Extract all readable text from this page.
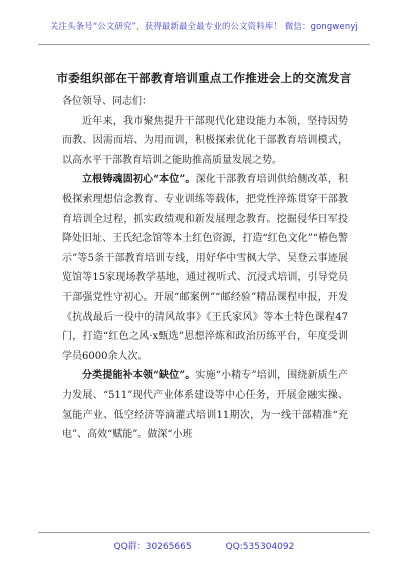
关注头条号“公文研究”，获得最新最全最专业的公文资料库！ 微信：gongwenyj
市委组织部在干部教育培训重点工作推进会上的交流发言

各位领导、同志们：

近年来，我市聚焦提升干部现代化建设能力本领，坚持因势而教、因需而培、为用而训，积极探索优化干部教育培训模式，以高水平干部教育培训之能助推高质量发展之势。

立根铸魂固初心“本位”。深化干部教育培训供给侧改革，积极探索理想信念教育、专业训练等载体，把党性淬炼贯穿干部教育培训全过程，抓实政绩观和新发展理念教育。挖掘侵华日军投降处旧址、王氏纪念馆等本土红色资源，打造“红色文化”“椿色警示”等5条干部教育培训专线，用好华中雪枫大学、吴登云事迹展览馆等15家现场教学基地，通过视听式、沉浸式培训，引导党员干部强党性守初心。开展“邮案例”“邮经验”精品课程申报，开发《抗战最后一役中的清风故事》《王氏家风》等本土特色课程47门，打造“红色之风·x甄选”思想淬炼和政治历练平台，年度受训学员6000余人次。

分类提能补本领“缺位”。实施“小精专”培训，围绕新质生产力发展、“511”现代产业体系建设等中心任务，开展金融实操、氢能产业、低空经济等滴灌式培训11期次，为一线干部精准“充电”、高效“赋能”。做深“小班

QQ群：30265665	QQ:535304092
